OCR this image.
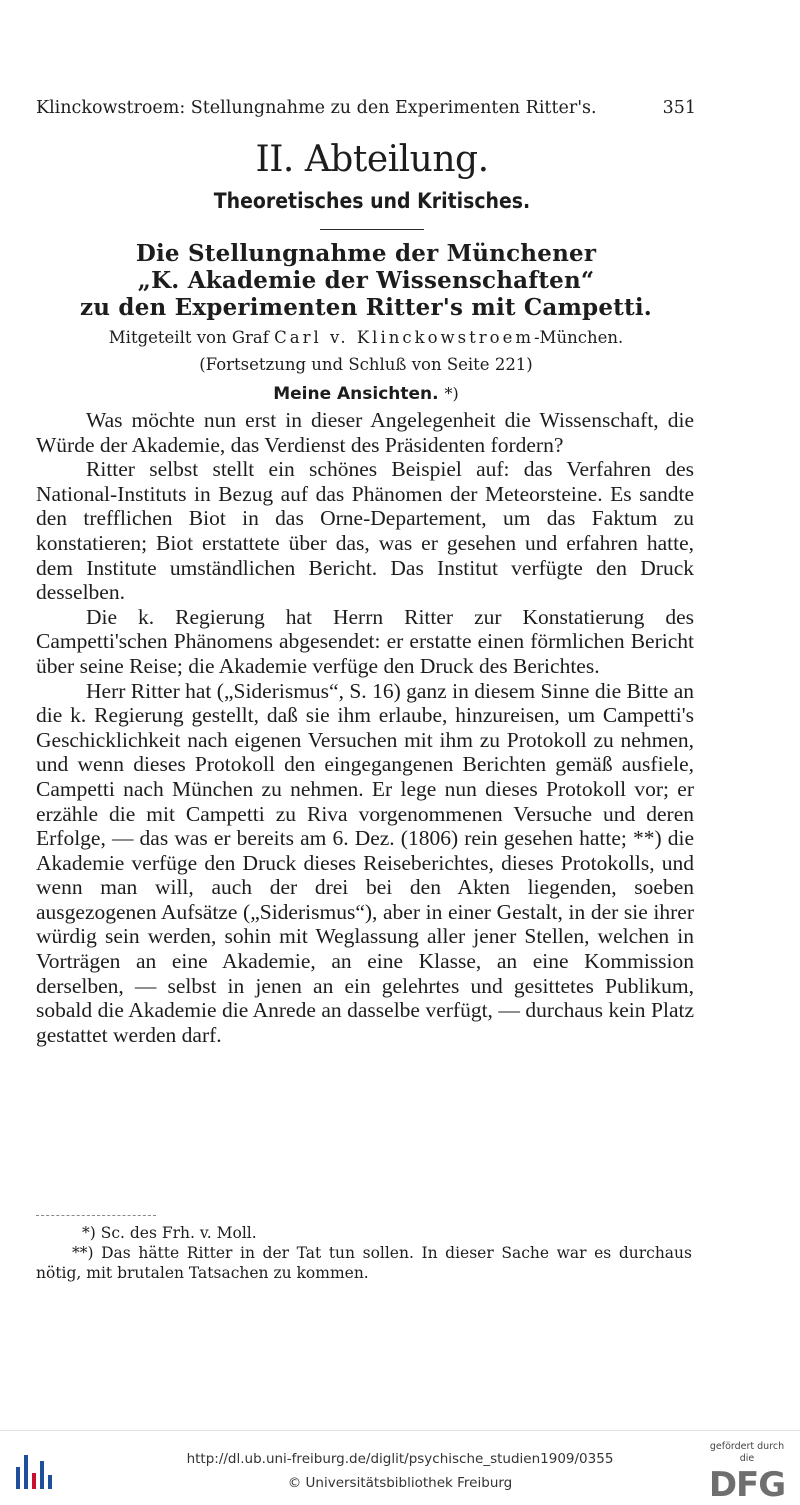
Klinckowstroem: Stellungnahme zu den Experimenten Ritter's.	351
II. Abteilung.
Theoretisches und Kritisches.
Die Stellungnahme der Münchener
„K. Akademie der Wissenschaften“
zu den Experimenten Ritter's mit Campetti.
Mitgeteilt von Graf Carl v. Klinckowstroem-München.
(Fortsetzung und Schluß von Seite 221)
Meine Ansichten. *)

Was möchte nun erst in dieser Angelegenheit die Wissenschaft, die Würde der Akademie, das Verdienst des Präsidenten fordern?

Ritter selbst stellt ein schönes Beispiel auf: das Verfahren des National-Instituts in Bezug auf das Phänomen der Meteorsteine. Es sandte den trefflichen Biot in das Orne-Departement, um das Faktum zu konstatieren; Biot erstattete über das, was er gesehen und erfahren hatte, dem Institute umständlichen Bericht. Das Institut verfügte den Druck desselben.

Die k. Regierung hat Herrn Ritter zur Konstatierung des Campetti'schen Phänomens abgesendet: er erstatte einen förmlichen Bericht über seine Reise; die Akademie verfüge den Druck des Berichtes.

Herr Ritter hat („Siderismus“, S. 16) ganz in diesem Sinne die Bitte an die k. Regierung gestellt, daß sie ihm erlaube, hinzureisen, um Campetti's Geschicklichkeit nach eigenen Versuchen mit ihm zu Protokoll zu nehmen, und wenn dieses Protokoll den eingegangenen Berichten gemäß ausfiele, Campetti nach München zu nehmen. Er lege nun dieses Protokoll vor; er erzähle die mit Campetti zu Riva vorgenommenen Versuche und deren Erfolge, — das was er bereits am 6. Dez. (1806) rein gesehen hatte; **) die Akademie verfüge den Druck dieses Reiseberichtes, dieses Protokolls, und wenn man will, auch der drei bei den Akten liegenden, soeben ausgezogenen Aufsätze („Siderismus“), aber in einer Gestalt, in der sie ihrer würdig sein werden, sohin mit Weglassung aller jener Stellen, welchen in Vorträgen an eine Akademie, an eine Klasse, an eine Kommission derselben, — selbst in jenen an ein gelehrtes und gesittetes Publikum, sobald die Akademie die Anrede an dasselbe verfügt, — durchaus kein Platz gestattet werden darf.

*) Sc. des Frh. v. Moll.

**) Das hätte Ritter in der Tat tun sollen. In dieser Sache war es durchaus nötig, mit brutalen Tatsachen zu kommen.

http://dl.ub.uni-freiburg.de/diglit/psychische_studien1909/0355
© Universitätsbibliothek Freiburg
gefördert durch die
DFG
